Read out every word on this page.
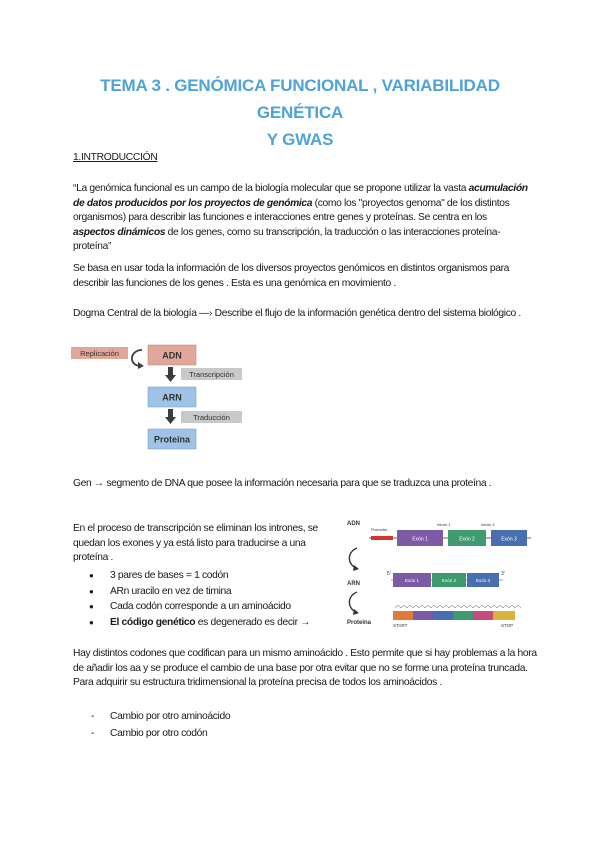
TEMA 3 . GENÓMICA FUNCIONAL , VARIABILIDAD GENÉTICA
Y GWAS
1.INTRODUCCIÓN
“La genómica funcional es un campo de la biología molecular que se propone utilizar la vasta acumulación de datos producidos por los proyectos de genómica (como los "proyectos genoma" de los distintos organismos) para describir las funciones e interacciones entre genes y proteínas. Se centra en los aspectos dinámicos de los genes, como su transcripción, la traducción o las interacciones proteína-proteína”
Se basa en usar toda la información de los diversos proyectos genómicos en distintos organismos para describir las funciones de los genes . Esta es una genómica en movimiento .
Dogma Central de la biología —› Describe el flujo de la información genética dentro del sistema biológico .
Replicación	ADN
Transcripción
ARN
Traducción
Proteína
Gen → segmento de DNA que posee la información necesaria para que se traduzca una proteína .
En el proceso de transcripción se eliminan los intrones, se quedan los exones y ya está listo para traducirse a una proteína .
● 3 pares de bases = 1 codón
● ARn uracilo en vez de timina
● Cada codón corresponde a un aminoácido
● El código genético es degenerado es decir →
ADN
Promotor
Intrón 1	Intrón 2
Exón 1	Exón 2	Exón 3
ARN
5'	3'
Exón 1	Exón 2	Exón 3
Proteína	START	STOP
Hay distintos codones que codifican para un mismo aminoácido . Esto permite que si hay problemas a la hora de añadir los aa y se produce el cambio de una base por otra evitar que no se forme una proteína truncada. Para adquirir su estructura tridimensional la proteína precisa de todos los aminoácidos .
- Cambio por otro aminoácido
- Cambio por otro codón
